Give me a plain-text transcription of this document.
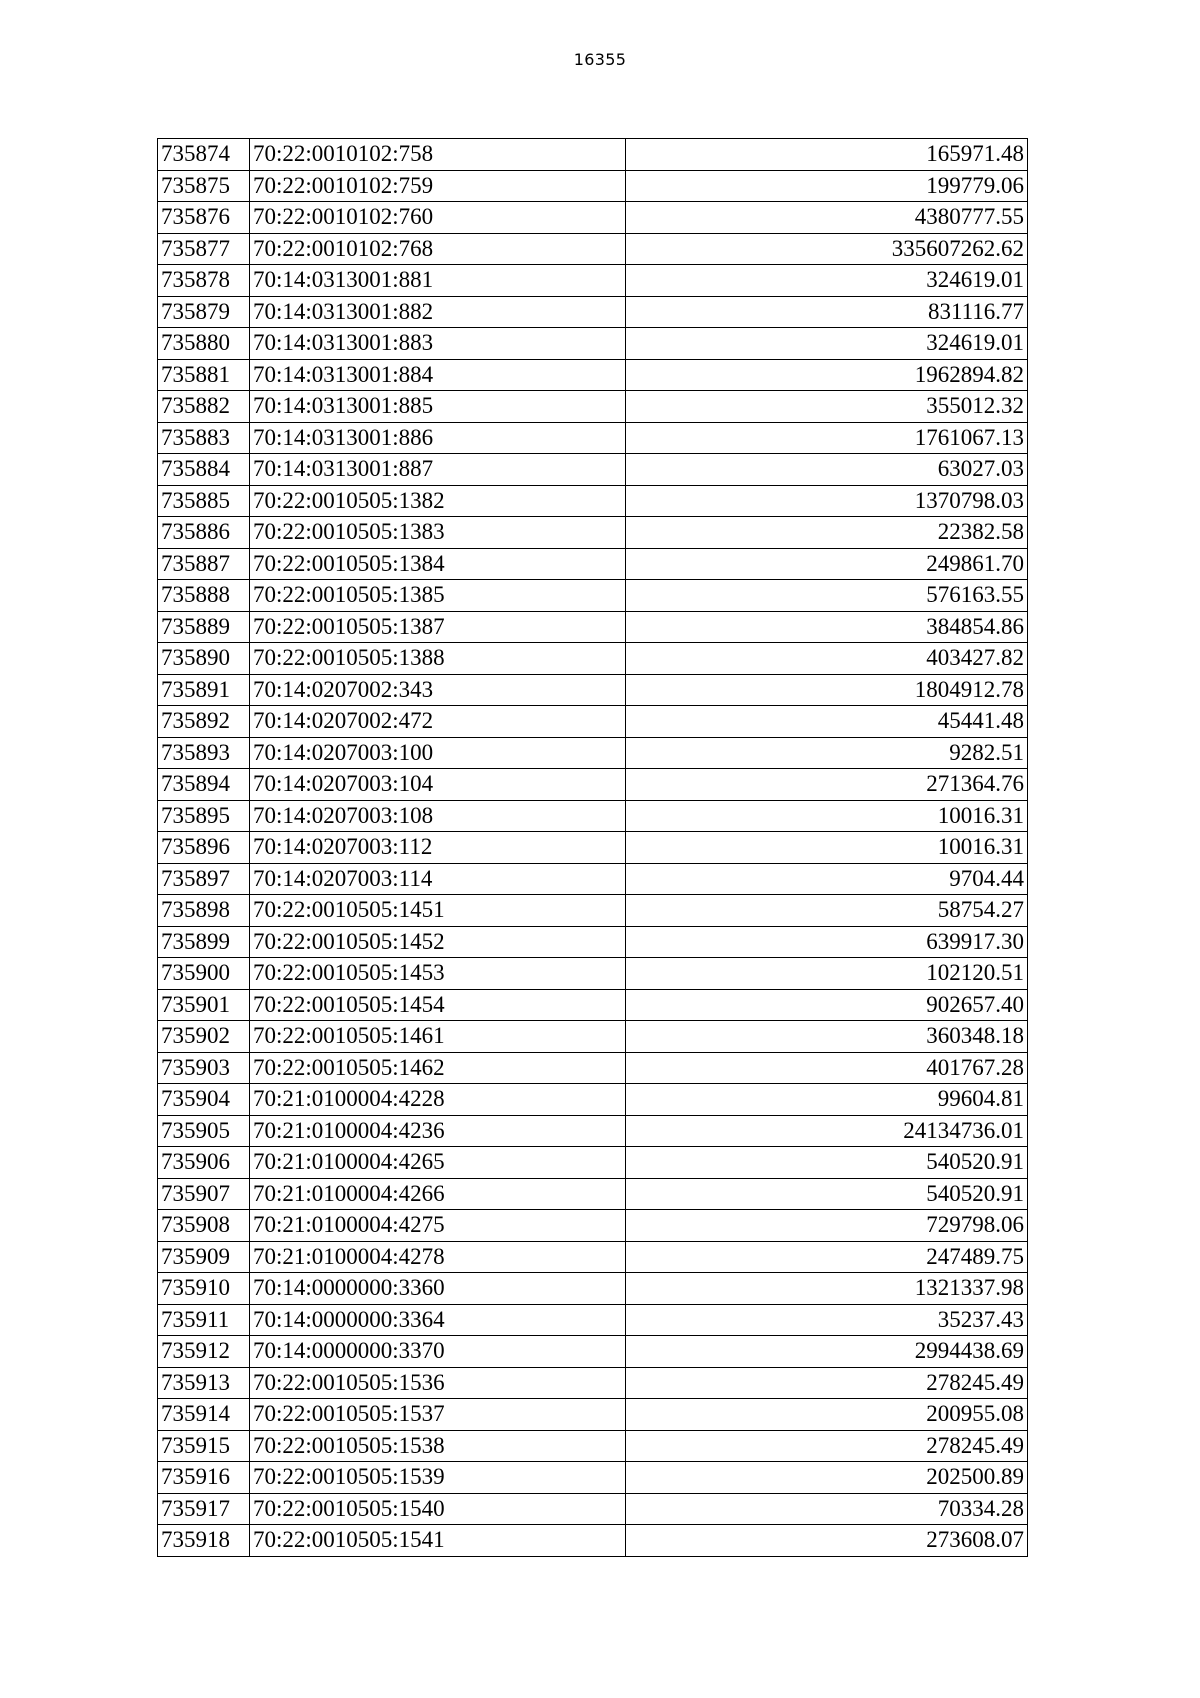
16355
735874	70:22:0010102:758	165971.48
735875	70:22:0010102:759	199779.06
735876	70:22:0010102:760	4380777.55
735877	70:22:0010102:768	335607262.62
735878	70:14:0313001:881	324619.01
735879	70:14:0313001:882	831116.77
735880	70:14:0313001:883	324619.01
735881	70:14:0313001:884	1962894.82
735882	70:14:0313001:885	355012.32
735883	70:14:0313001:886	1761067.13
735884	70:14:0313001:887	63027.03
735885	70:22:0010505:1382	1370798.03
735886	70:22:0010505:1383	22382.58
735887	70:22:0010505:1384	249861.70
735888	70:22:0010505:1385	576163.55
735889	70:22:0010505:1387	384854.86
735890	70:22:0010505:1388	403427.82
735891	70:14:0207002:343	1804912.78
735892	70:14:0207002:472	45441.48
735893	70:14:0207003:100	9282.51
735894	70:14:0207003:104	271364.76
735895	70:14:0207003:108	10016.31
735896	70:14:0207003:112	10016.31
735897	70:14:0207003:114	9704.44
735898	70:22:0010505:1451	58754.27
735899	70:22:0010505:1452	639917.30
735900	70:22:0010505:1453	102120.51
735901	70:22:0010505:1454	902657.40
735902	70:22:0010505:1461	360348.18
735903	70:22:0010505:1462	401767.28
735904	70:21:0100004:4228	99604.81
735905	70:21:0100004:4236	24134736.01
735906	70:21:0100004:4265	540520.91
735907	70:21:0100004:4266	540520.91
735908	70:21:0100004:4275	729798.06
735909	70:21:0100004:4278	247489.75
735910	70:14:0000000:3360	1321337.98
735911	70:14:0000000:3364	35237.43
735912	70:14:0000000:3370	2994438.69
735913	70:22:0010505:1536	278245.49
735914	70:22:0010505:1537	200955.08
735915	70:22:0010505:1538	278245.49
735916	70:22:0010505:1539	202500.89
735917	70:22:0010505:1540	70334.28
735918	70:22:0010505:1541	273608.07
